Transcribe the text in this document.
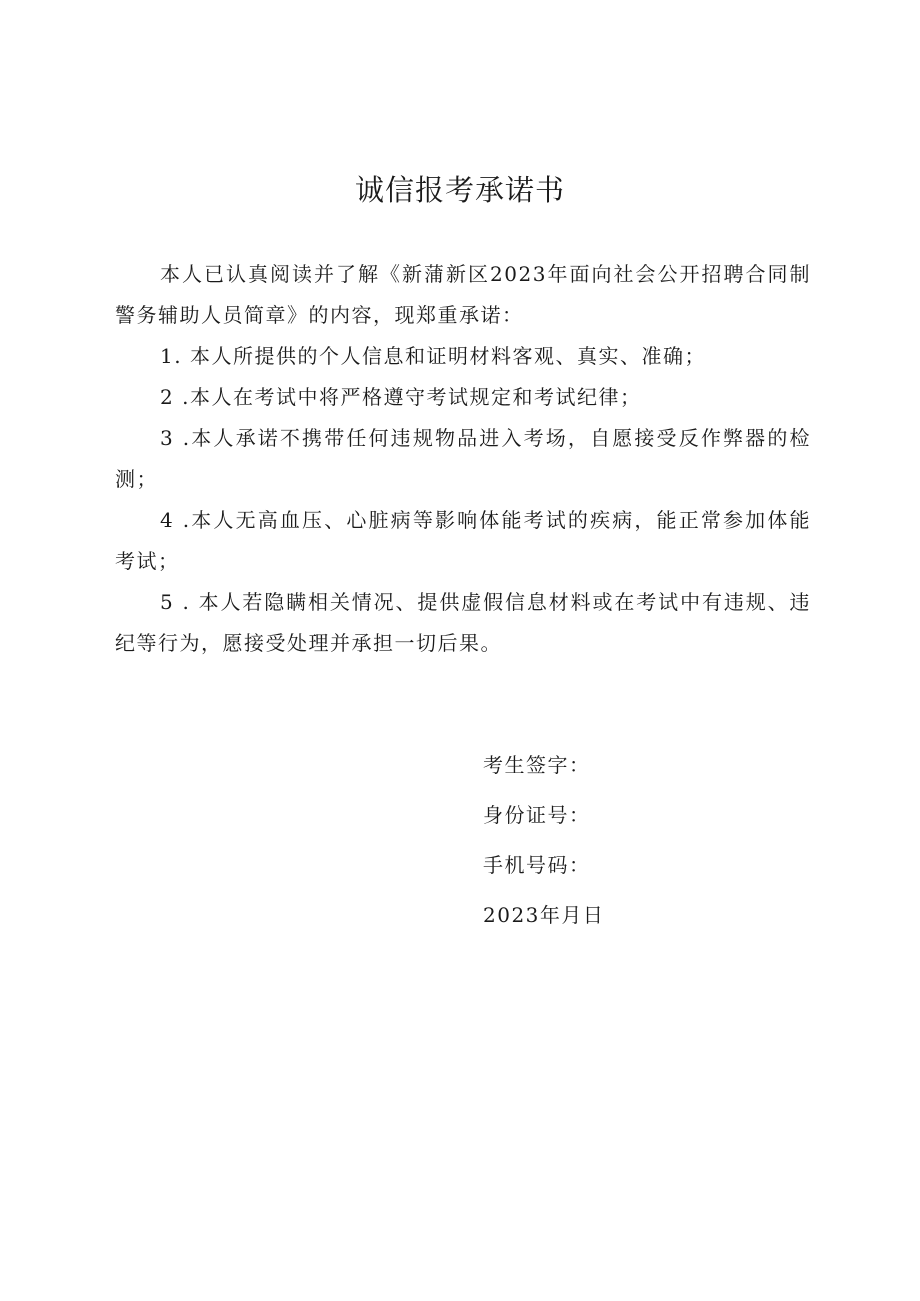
诚信报考承诺书

本人已认真阅读并了解《新蒲新区2023年面向社会公开招聘合同制警务辅助人员简章》的内容，现郑重承诺：

1. 本人所提供的个人信息和证明材料客观、真实、准确；

2 .本人在考试中将严格遵守考试规定和考试纪律；

3 .本人承诺不携带任何违规物品进入考场，自愿接受反作弊器的检测；

4 .本人无高血压、心脏病等影响体能考试的疾病，能正常参加体能考试；

5 . 本人若隐瞒相关情况、提供虚假信息材料或在考试中有违规、违纪等行为，愿接受处理并承担一切后果。

考生签字：

身份证号：

手机号码：

2023年月日
